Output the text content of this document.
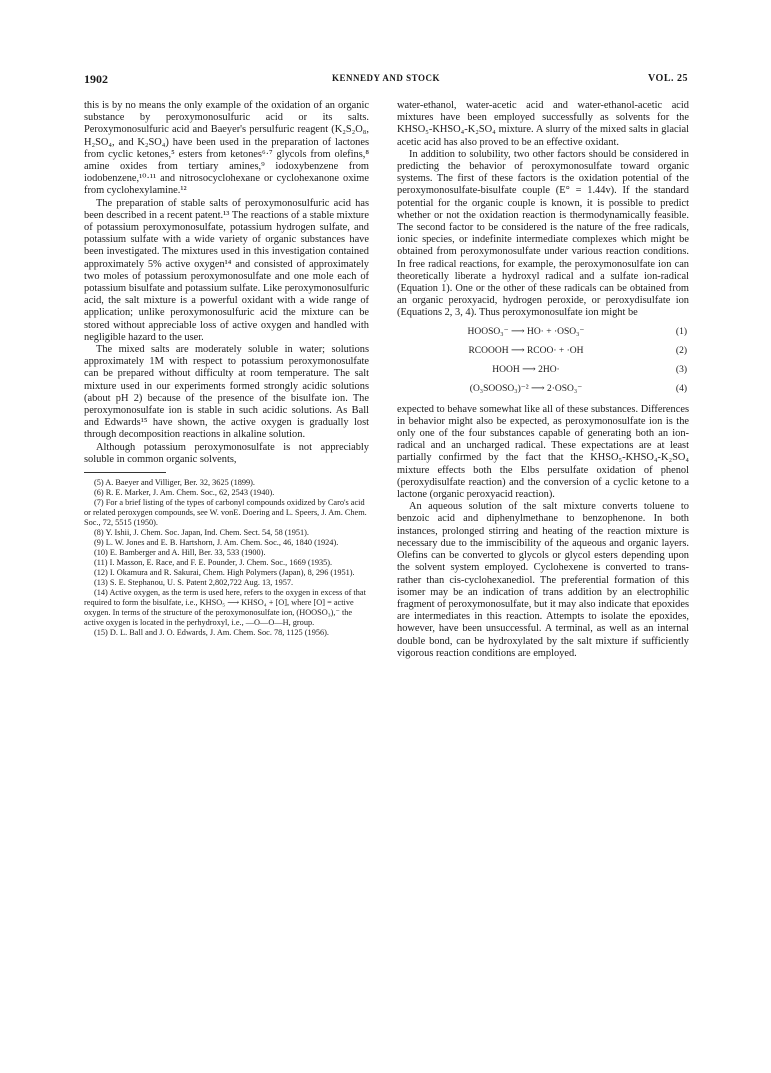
1902	KENNEDY AND STOCK	VOL. 25

this is by no means the only example of the oxidation of an organic substance by peroxymonosulfuric acid or its salts. Peroxymonosulfuric acid and Baeyer's persulfuric reagent (K₂S₂O₈, H₂SO₄, and K₂SO₄) have been used in the preparation of lactones from cyclic ketones,⁵ esters from ketones⁶·⁷ glycols from olefins,⁸ amine oxides from tertiary amines,⁹ iodoxybenzene from iodobenzene,¹⁰·¹¹ and nitrosocyclohexane or cyclohexanone oxime from cyclohexylamine.¹²

The preparation of stable salts of peroxymonosulfuric acid has been described in a recent patent.¹³ The reactions of a stable mixture of potassium peroxymonosulfate, potassium hydrogen sulfate, and potassium sulfate with a wide variety of organic substances have been investigated. The mixtures used in this investigation contained approximately 5% active oxygen¹⁴ and consisted of approximately two moles of potassium peroxymonosulfate and one mole each of potassium bisulfate and potassium sulfate. Like peroxymonosulfuric acid, the salt mixture is a powerful oxidant with a wide range of application; unlike peroxymonosulfuric acid the mixture can be stored without appreciable loss of active oxygen and handled with negligible hazard to the user.

The mixed salts are moderately soluble in water; solutions approximately 1M with respect to potassium peroxymonosulfate can be prepared without difficulty at room temperature. The salt mixture used in our experiments formed strongly acidic solutions (about pH 2) because of the presence of the bisulfate ion. The peroxymonosulfate ion is stable in such acidic solutions. As Ball and Edwards¹⁵ have shown, the active oxygen is gradually lost through decomposition reactions in alkaline solution.

Although potassium peroxymonosulfate is not appreciably soluble in common organic solvents,

(5) A. Baeyer and Villiger, Ber. 32, 3625 (1899).
(6) R. E. Marker, J. Am. Chem. Soc., 62, 2543 (1940).
(7) For a brief listing of the types of carbonyl compounds oxidized by Caro's acid or related peroxygen compounds, see W. vonE. Doering and L. Speers, J. Am. Chem. Soc., 72, 5515 (1950).
(8) Y. Ishii, J. Chem. Soc. Japan, Ind. Chem. Sect. 54, 58 (1951).
(9) L. W. Jones and E. B. Hartshorn, J. Am. Chem. Soc., 46, 1840 (1924).
(10) E. Bamberger and A. Hill, Ber. 33, 533 (1900).
(11) I. Masson, E. Race, and F. E. Pounder, J. Chem. Soc., 1669 (1935).
(12) I. Okamura and R. Sakurai, Chem. High Polymers (Japan), 8, 296 (1951).
(13) S. E. Stephanou, U. S. Patent 2,802,722 Aug. 13, 1957.
(14) Active oxygen, as the term is used here, refers to the oxygen in excess of that required to form the bisulfate, i.e., KHSO₅ ⟶ KHSO₄ + [O], where [O] = active oxygen. In terms of the structure of the peroxymonosulfate ion, (HOOSO₃),⁻ the active oxygen is located in the perhydroxyl, i.e., —O—O—H, group.
(15) D. L. Ball and J. O. Edwards, J. Am. Chem. Soc. 78, 1125 (1956).

water-ethanol, water-acetic acid and water-ethanol-acetic acid mixtures have been employed successfully as solvents for the KHSO₅-KHSO₄-K₂SO₄ mixture. A slurry of the mixed salts in glacial acetic acid has also proved to be an effective oxidant.

In addition to solubility, two other factors should be considered in predicting the behavior of peroxymonosulfate toward organic systems. The first of these factors is the oxidation potential of the peroxymonosulfate-bisulfate couple (E° = 1.44v). If the standard potential for the organic couple is known, it is possible to predict whether or not the oxidation reaction is thermodynamically feasible. The second factor to be considered is the nature of the free radicals, ionic species, or indefinite intermediate complexes which might be obtained from peroxymonosulfate under various reaction conditions. In free radical reactions, for example, the peroxymonosulfate ion can theoretically liberate a hydroxyl radical and a sulfate ion-radical (Equation 1). One or the other of these radicals can be obtained from an organic peroxyacid, hydrogen peroxide, or peroxydisulfate ion (Equations 2, 3, 4). Thus peroxymonosulfate ion might be

HOOSO₃⁻ ⟶ HO· + ·OSO₃⁻	(1)
RCOOOH ⟶ RCOO· + ·OH	(2)
HOOH ⟶ 2HO·	(3)
(O₃SOOSO₃)⁻² ⟶ 2·OSO₃⁻	(4)

expected to behave somewhat like all of these substances. Differences in behavior might also be expected, as peroxymonosulfate ion is the only one of the four substances capable of generating both an ion-radical and an uncharged radical. These expectations are at least partially confirmed by the fact that the KHSO₅-KHSO₄-K₂SO₄ mixture effects both the Elbs persulfate oxidation of phenol (peroxydisulfate reaction) and the conversion of a cyclic ketone to a lactone (organic peroxyacid reaction).

An aqueous solution of the salt mixture converts toluene to benzoic acid and diphenylmethane to benzophenone. In both instances, prolonged stirring and heating of the reaction mixture is necessary due to the immiscibility of the aqueous and organic layers. Olefins can be converted to glycols or glycol esters depending upon the solvent system employed. Cyclohexene is converted to trans- rather than cis-cyclohexanediol. The preferential formation of this isomer may be an indication of trans addition by an electrophilic fragment of peroxymonosulfate, but it may also indicate that epoxides are intermediates in this reaction. Attempts to isolate the epoxides, however, have been unsuccessful. A terminal, as well as an internal double bond, can be hydroxylated by the salt mixture if sufficiently vigorous reaction conditions are employed.
